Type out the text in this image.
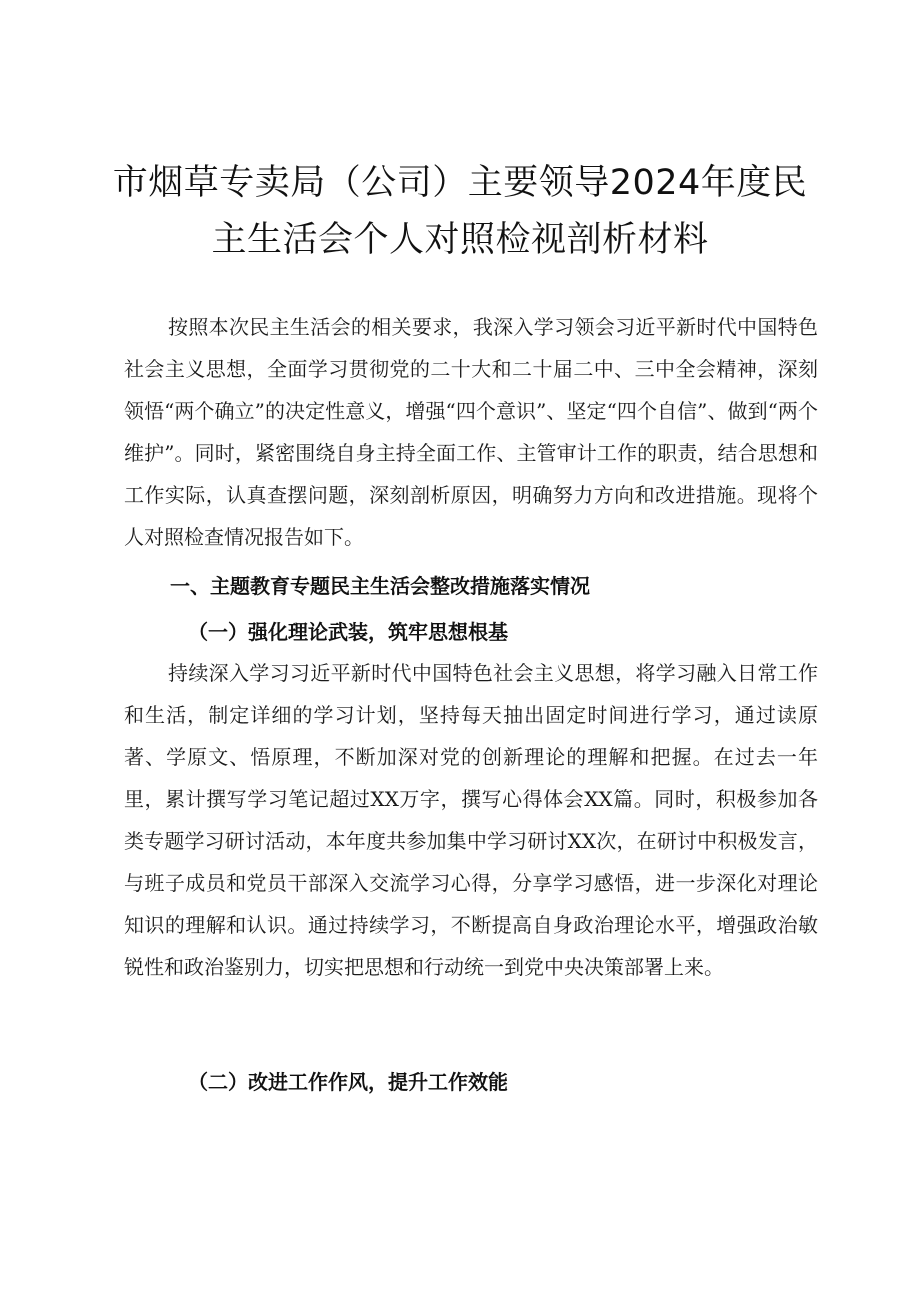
市烟草专卖局（公司）主要领导2024年度民
主生活会个人对照检视剖析材料

按照本次民主生活会的相关要求，我深入学习领会习近平新时代中国特色社会主义思想，全面学习贯彻党的二十大和二十届二中、三中全会精神，深刻领悟“两个确立”的决定性意义，增强“四个意识”、坚定“四个自信”、做到“两个维护”。同时，紧密围绕自身主持全面工作、主管审计工作的职责，结合思想和工作实际，认真查摆问题，深刻剖析原因，明确努力方向和改进措施。现将个人对照检查情况报告如下。

一、主题教育专题民主生活会整改措施落实情况
（一）强化理论武装，筑牢思想根基

持续深入学习习近平新时代中国特色社会主义思想，将学习融入日常工作和生活，制定详细的学习计划，坚持每天抽出固定时间进行学习，通过读原著、学原文、悟原理，不断加深对党的创新理论的理解和把握。在过去一年里，累计撰写学习笔记超过XX万字，撰写心得体会XX篇。同时，积极参加各类专题学习研讨活动，本年度共参加集中学习研讨XX次，在研讨中积极发言，与班子成员和党员干部深入交流学习心得，分享学习感悟，进一步深化对理论知识的理解和认识。通过持续学习，不断提高自身政治理论水平，增强政治敏锐性和政治鉴别力，切实把思想和行动统一到党中央决策部署上来。

（二）改进工作作风，提升工作效能
